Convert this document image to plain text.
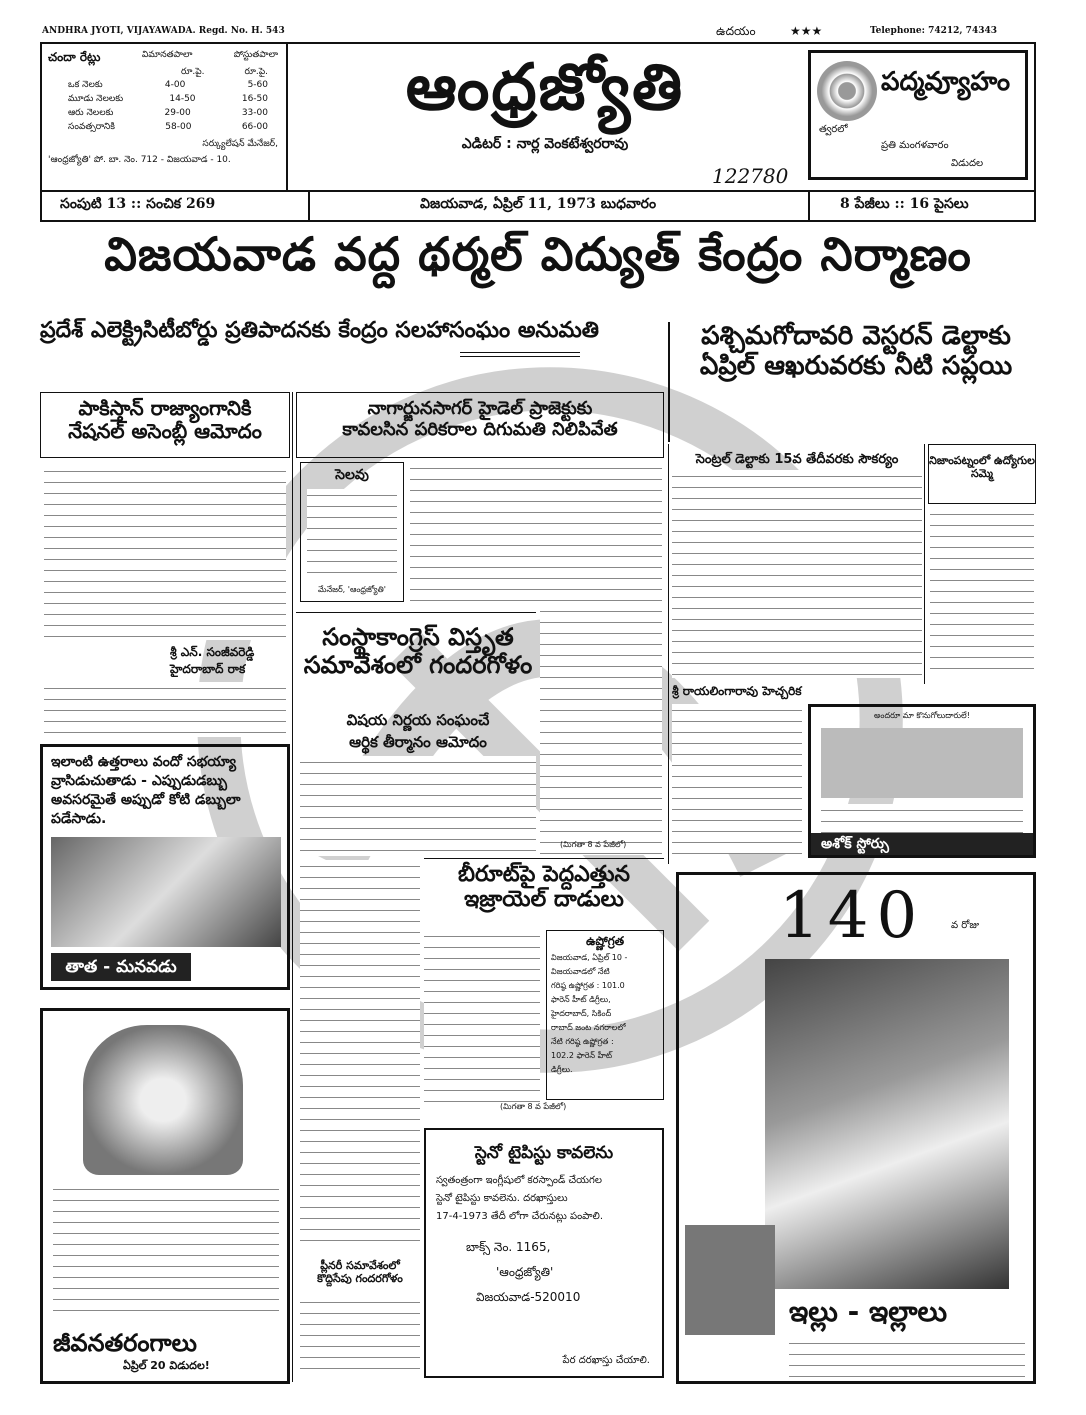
ANDHRA JYOTI, VIJAYAWADA. Regd. No. H. 543	ఉదయం	★★★	Telephone: 74212, 74343
చందా రేట్లు	విమానతపాలా	పోస్టుతపాలా
రూ.పై.	రూ.పై.
ఒక నెలకు	4-00	5-60
మూడు నెలలకు	14-50	16-50
ఆరు నెలలకు	29-00	33-00
సంవత్సరానికి	58-00	66-00
సర్క్యులేషన్ మేనేజర్,
'ఆంధ్రజ్యోతి' పో. బా. నెం. 712 - విజయవాడ - 10.
ఆంధ్రజ్యోతి
ఎడిటర్ : నార్ల వెంకటేశ్వరరావు
122780
పద్మవ్యూహం
త్వరలో
ప్రతి మంగళవారం
విడుదల
సంపుటి 13 :: సంచిక 269	విజయవాడ, ఏప్రిల్ 11, 1973 బుధవారం	8 పేజీలు :: 16 పైసలు
విజయవాడ వద్ద థర్మల్ విద్యుత్ కేంద్రం నిర్మాణం
ప్రదేశ్ ఎలెక్ట్రిసిటీబోర్డు ప్రతిపాదనకు కేంద్రం సలహాసంఘం అనుమతి	పశ్చిమగోదావరి వెస్టరన్ డెల్టాకు
ఏప్రిల్ ఆఖరువరకు నీటి సప్లయి
పాకిస్తాన్ రాజ్యాంగానికి
నేషనల్ అసెంబ్లీ ఆమోదం
శ్రీ ఎన్. సంజీవరెడ్డి హైదరాబాద్ రాక
నాగార్జునసాగర్ హైడెల్ ప్రాజెక్టుకు
కావలసిన పరికరాల దిగుమతి నిలిపివేత
సెలవు
మేనేజర్, 'ఆంధ్రజ్యోతి'
సంస్థాకాంగ్రెస్ విస్తృత
సమావేశంలో గందరగోళం
విషయ నిర్ణయ సంఘంచే
ఆర్థిక తీర్మానం ఆమోదం
(మిగతా 8 వ పేజీలో)
సెంట్రల్ డెల్టాకు 15వ తేదీవరకు సౌకర్యం
శ్రీ రాయలింగారావు హెచ్చరిక
నిజాంపట్నంలో ఉద్యోగుల సమ్మె
అందరూ మా కొనుగోలుదారులే!
అశోక్ స్టోర్సు
ఇలాంటి ఉత్తరాలు వందో సభయ్యా
వ్రాసిడుచుతాడు - ఎప్పుడుడబ్బు
అవసరమైతే అప్పుడో కోటి డబ్బులా
పడేసాడు.
తాత - మనవడు
జీవనతరంగాలు
ఏప్రిల్ 20 విడుదల!
బీరూట్‌పై పెద్దఎత్తున
ఇజ్రాయెల్ దాడులు
(మిగతా 8 వ పేజీలో)
ఉష్ణోగ్రత
విజయవాడ, ఏప్రిల్ 10 -
విజయవాడలో నేటి
గరిష్ఠ ఉష్ణోగ్రత : 101.0
ఫారెన్ హీట్ డిగ్రీలు,
హైదరాబాద్, సికింద్
రాబాద్ జంట నగరాలలో
నేటి గరిష్ఠ ఉష్ణోగ్రత :
102.2 ఫారెన్ హీట్
డిగ్రీలు.
స్టెనో టైపిస్టు కావలెను
స్వతంత్రంగా ఇంగ్లీషులో కరస్పాండ్ చేయగల
స్టెనో టైపిస్టు కావలెను. దరఖాస్తులు
17-4-1973 తేదీ లోగా చేరునట్లు పంపాలి.
బాక్స్ నెం. 1165,
'ఆంధ్రజ్యోతి'
విజయవాడ-520010
పేర దరఖాస్తు చేయాలి.
ప్లీనరీ సమావేశంలో
కొద్దిసేపు గందరగోళం
140	వ రోజు
ఇల్లు - ఇల్లాలు
